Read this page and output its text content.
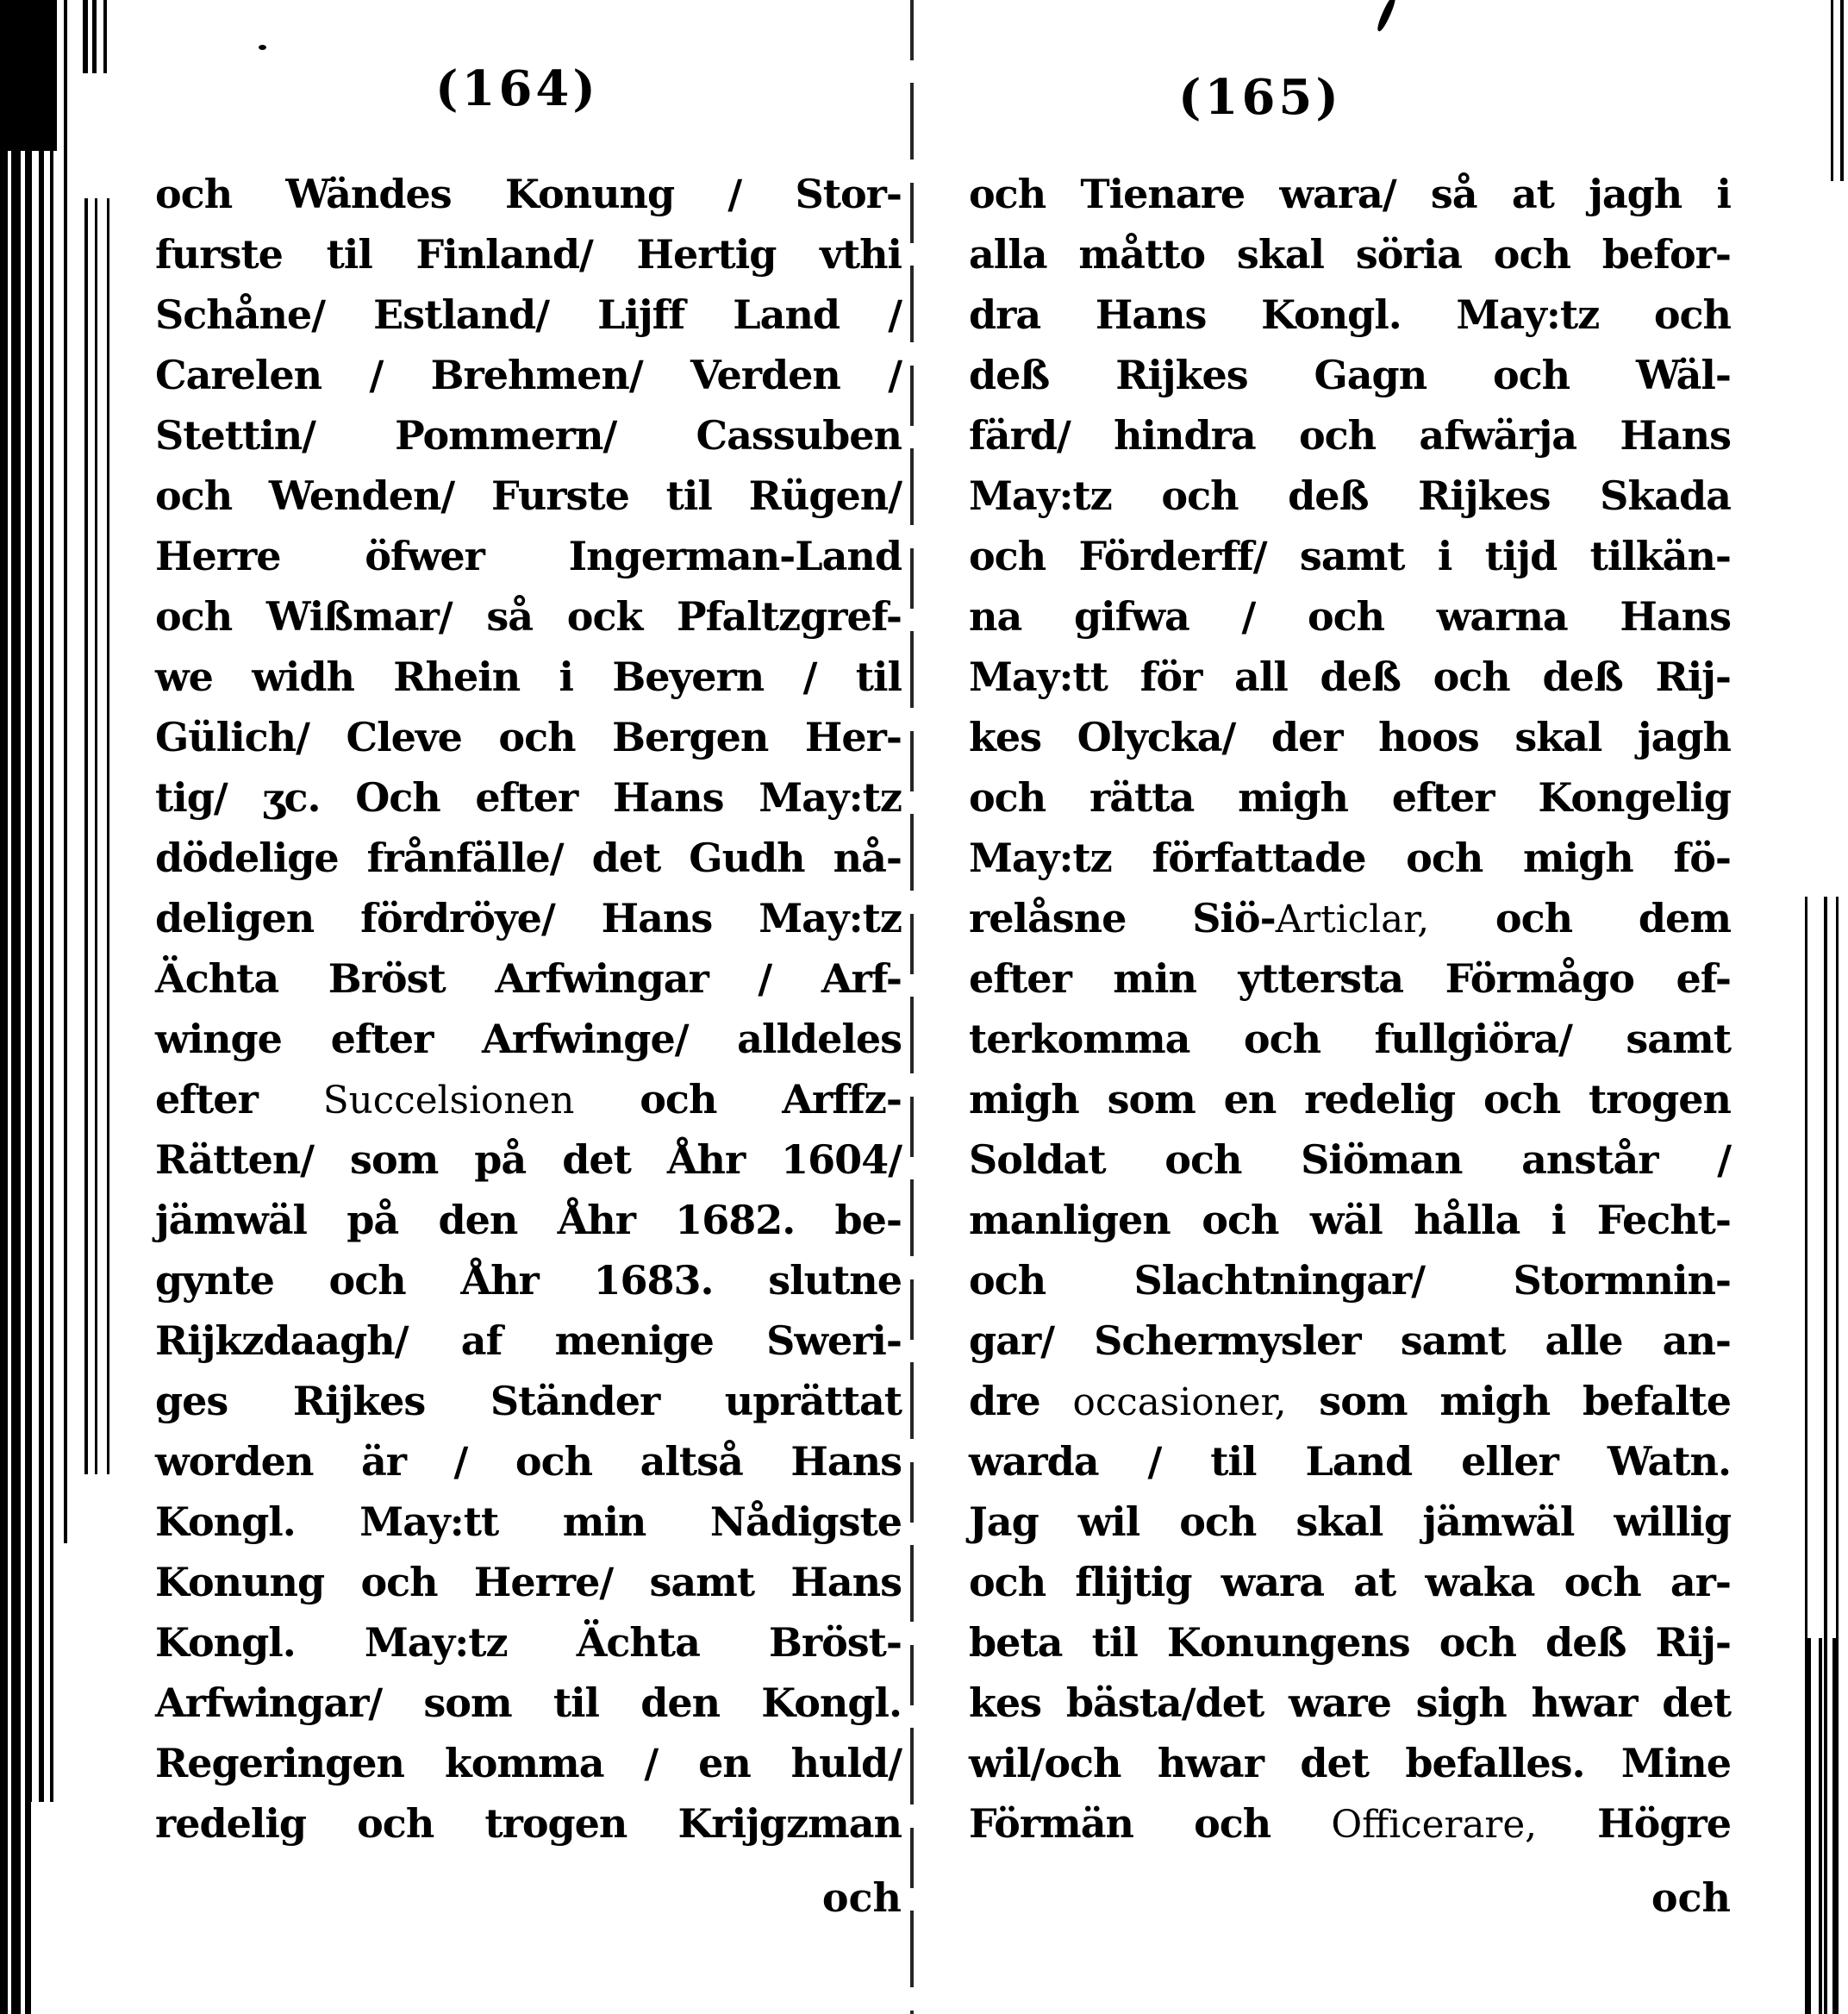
(164)	(165)
och Wändes Konung / Stor-
furste til Finland/ Hertig vthi
Schåne/ Estland/ Lijff Land /
Carelen / Brehmen/ Verden /
Stettin/ Pommern/ Cassuben
och Wenden/ Furste til Rügen/
Herre öfwer Ingerman-Land
och Wißmar/ så ock Pfaltzgref-
we widh Rhein i Beyern / til
Gülich/ Cleve och Bergen Her-
tig/ ʒc. Och efter Hans May:tz
dödelige frånfälle/ det Gudh nå-
deligen fördröye/ Hans May:tz
Ächta Bröst Arfwingar / Arf-
winge efter Arfwinge/ alldeles
efter Succelsionen och Arffz-
Rätten/ som på det Åhr 1604/
jämwäl på den Åhr 1682. be-
gynte och Åhr 1683. slutne
Rijkzdaagh/ af menige Sweri-
ges Rijkes Ständer uprättat
worden är / och altså Hans
Kongl. May:tt min Nådigste
Konung och Herre/ samt Hans
Kongl. May:tz Ächta Bröst-
Arfwingar/ som til den Kongl.
Regeringen komma / en huld/
redelig och trogen Krijgzman
och
och Tienare wara/ så at jagh i
alla måtto skal söria och befor-
dra Hans Kongl. May:tz och
deß Rijkes Gagn och Wäl-
färd/ hindra och afwärja Hans
May:tz och deß Rijkes Skada
och Förderff/ samt i tijd tilkän-
na gifwa / och warna Hans
May:tt för all deß och deß Rij-
kes Olycka/ der hoos skal jagh
och rätta migh efter Kongelig
May:tz författade och migh fö-
relåsne Siö-Articlar, och dem
efter min yttersta Förmågo ef-
terkomma och fullgiöra/ samt
migh som en redelig och trogen
Soldat och Siöman anstår /
manligen och wäl hålla i Fecht-
och Slachtningar/ Stormnin-
gar/ Schermysler samt alle an-
dre occasioner, som migh befalte
warda / til Land eller Watn.
Jag wil och skal jämwäl willig
och flijtig wara at waka och ar-
beta til Konungens och deß Rij-
kes bästa/det ware sigh hwar det
wil/och hwar det befalles. Mine
Förmän och Officerare, Högre
och
